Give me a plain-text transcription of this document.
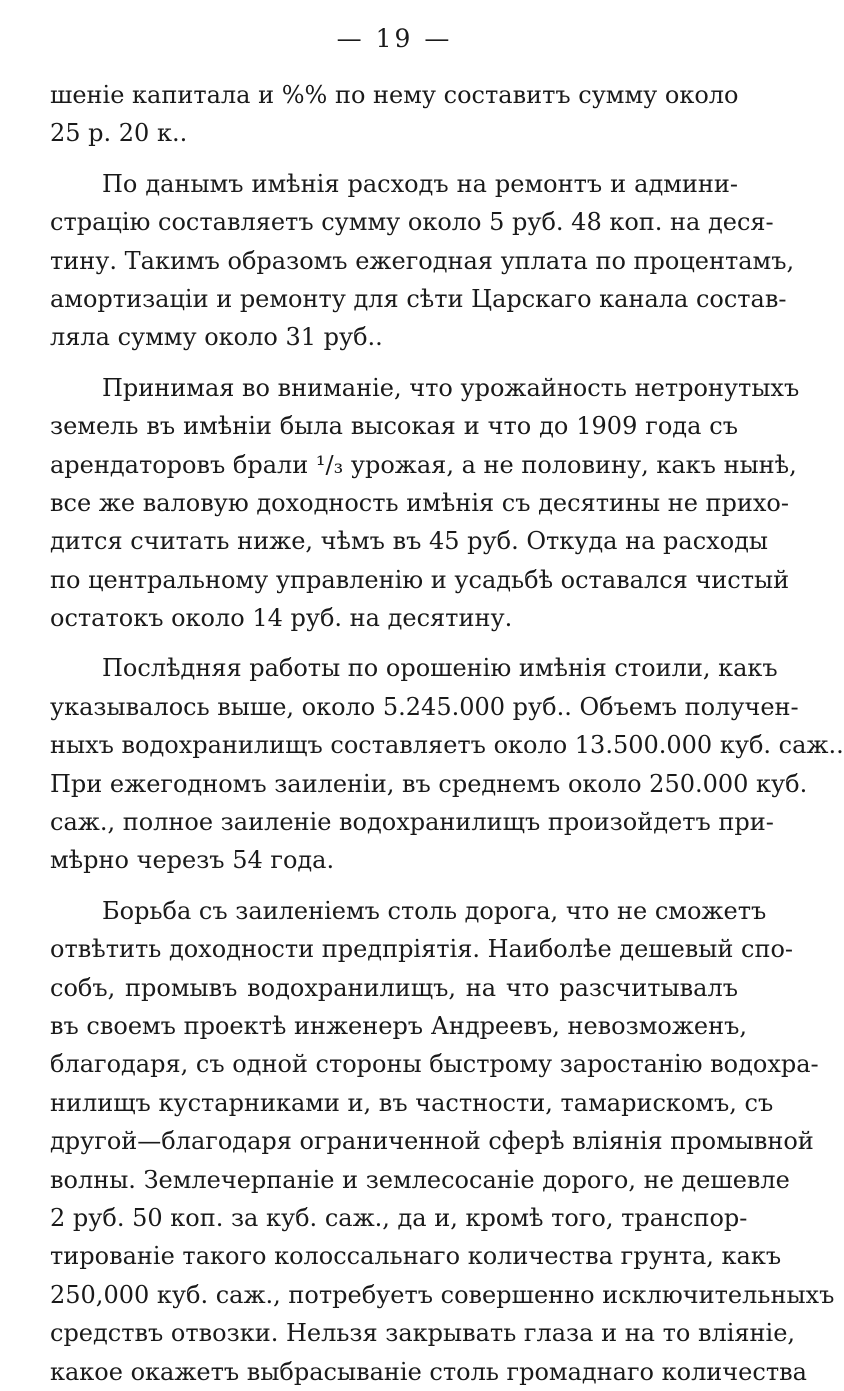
— 19 —
шеніе капитала и %% по нему составитъ сумму около
25 р. 20 к..
По данымъ имѣнія расходъ на ремонтъ и админи-
страцію составляетъ сумму около 5 руб. 48 коп. на деся-
тину. Такимъ образомъ ежегодная уплата по процентамъ,
амортизаціи и ремонту для сѣти Царскаго канала состав-
ляла сумму около 31 руб..
Принимая во вниманіе, что урожайность нетронутыхъ
земель въ имѣніи была высокая и что до 1909 года съ
арендаторовъ брали ¹/₃ урожая, а не половину, какъ нынѣ,
все же валовую доходность имѣнія съ десятины не прихо-
дится считать ниже, чѣмъ въ 45 руб. Откуда на расходы
по центральному управленію и усадьбѣ оставался чистый
остатокъ около 14 руб. на десятину.
Послѣдняя работы по орошенію имѣнія стоили, какъ
указывалось выше, около 5.245.000 руб.. Объемъ получен-
ныхъ водохранилищъ составляетъ около 13.500.000 куб. саж..
При ежегодномъ заиленіи, въ среднемъ около 250.000 куб.
саж., полное заиленіе водохранилищъ произойдетъ при-
мѣрно черезъ 54 года.
Борьба съ заиленіемъ столь дорога, что не сможетъ
отвѣтить доходности предпріятія. Наиболѣе дешевый спо-
собъ, промывъ водохранилищъ, на что разсчитывалъ
въ своемъ проектѣ инженеръ Андреевъ, невозможенъ,
благодаря, съ одной стороны быстрому заростанію водохра-
нилищъ кустарниками и, въ частности, тамарискомъ, съ
другой—благодаря ограниченной сферѣ вліянія промывной
волны. Землечерпаніе и землесосаніе дорого, не дешевле
2 руб. 50 коп. за куб. саж., да и, кромѣ того, транспор-
тированіе такого колоссальнаго количества грунта, какъ
250,000 куб. саж., потребуетъ совершенно исключительныхъ
средствъ отвозки. Нельзя закрывать глаза и на то вліяніе,
какое окажетъ выбрасываніе столь громаднаго количества
